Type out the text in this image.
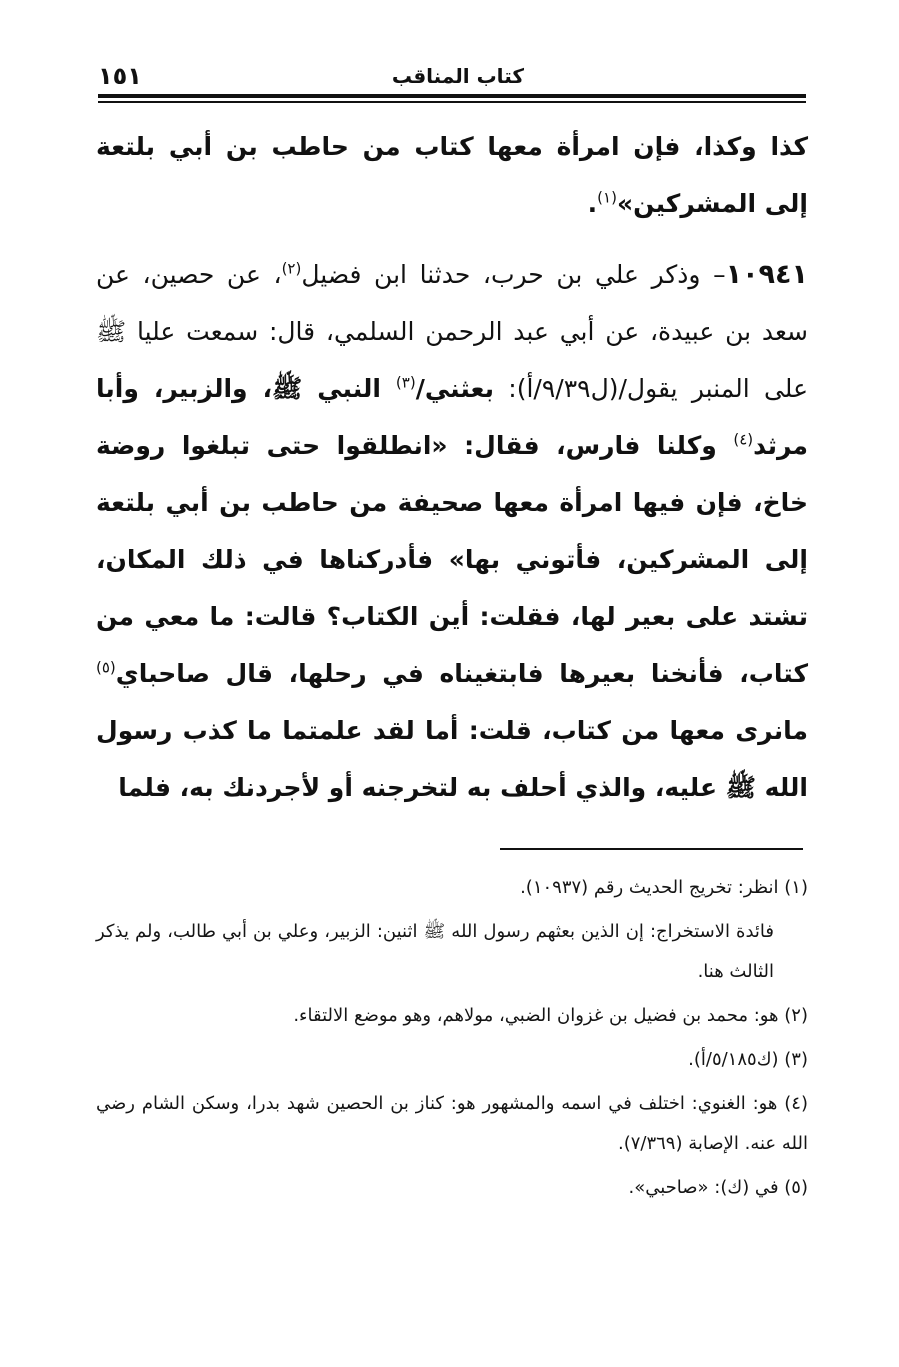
كتاب المناقب
١٥١

كذا وكذا، فإن امرأة معها كتاب من حاطب بن أبي بلتعة إلى المشركين»$^{(١)}$.

١٠٩٤١– وذكر علي بن حرب، حدثنا ابن فضيل$^{(٢)}$، عن حصين، عن سعد بن عبيدة، عن أبي عبد الرحمن السلمي، قال: سمعت عليا ﷺ على المنبر يقول/(ل٩/٣٩/أ): بعثني/$^{(٣)}$ النبي ﷺ، والزبير، وأبا مرثد$^{(٤)}$ وكلنا فارس، فقال: «انطلقوا حتى تبلغوا روضة خاخ، فإن فيها امرأة معها صحيفة من حاطب بن أبي بلتعة إلى المشركين، فأتوني بها» فأدركناها في ذلك المكان، تشتد على بعير لها، فقلت: أين الكتاب؟ قالت: ما معي من كتاب، فأنخنا بعيرها فابتغيناه في رحلها، قال صاحباي$^{(٥)}$ مانرى معها من كتاب، قلت: أما لقد علمتما ما كذب رسول الله ﷺ عليه، والذي أحلف به لتخرجنه أو لأجردنك به، فلما

(١) انظر: تخريج الحديث رقم (١٠٩٣٧).

فائدة الاستخراج: إن الذين بعثهم رسول الله ﷺ اثنين: الزبير، وعلي بن أبي طالب، ولم يذكر الثالث هنا.

(٢) هو: محمد بن فضيل بن غزوان الضبي، مولاهم، وهو موضع الالتقاء.

(٣) (ك٥/١٨٥/أ).

(٤) هو: الغنوي: اختلف في اسمه والمشهور هو: كناز بن الحصين شهد بدرا، وسكن الشام رضي الله عنه. الإصابة (٧/٣٦٩).

(٥) في (ك): «صاحبي».
